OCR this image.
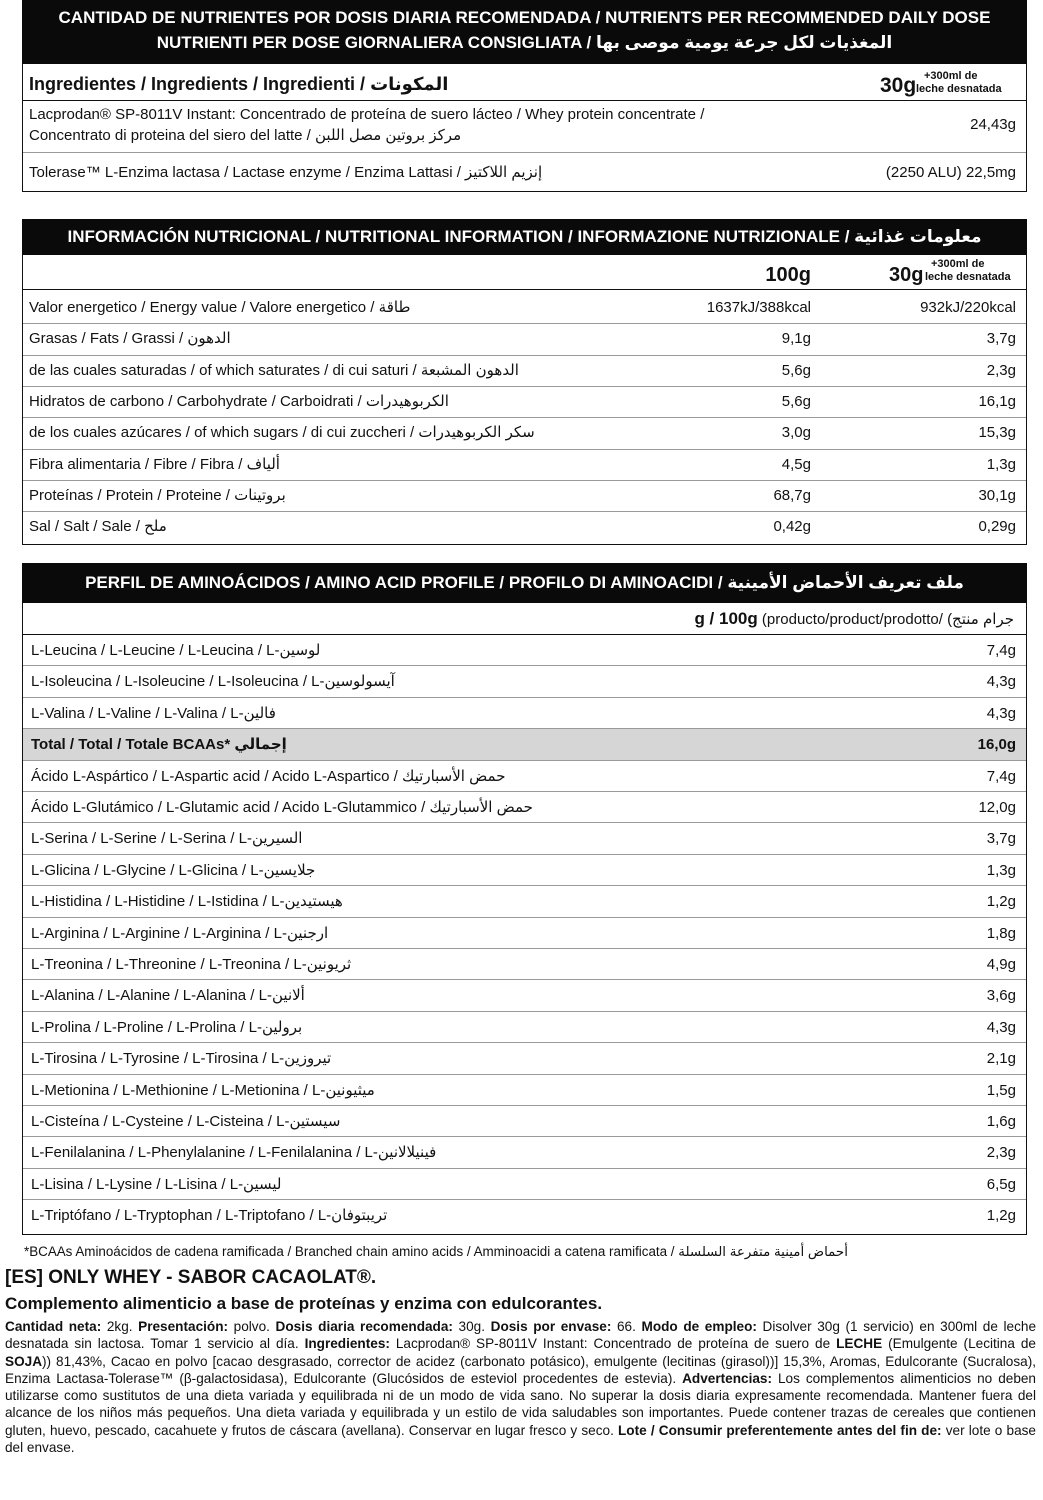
CANTIDAD DE NUTRIENTES POR DOSIS DIARIA RECOMENDADA / NUTRIENTS PER RECOMMENDED DAILY DOSE
NUTRIENTI PER DOSE GIORNALIERA CONSIGLIATA / المغذيات لكل جرعة يومية موصى بها
Ingredientes / Ingredients / Ingredienti / المكونات	30g +300ml de
leche desnatada
Lacprodan® SP-8011V Instant: Concentrado de proteína de suero lácteo / Whey protein concentrate /
Concentrato di proteina del siero del latte / مركز بروتين مصل اللبن
24,43g
Tolerase™ L-Enzima lactasa / Lactase enzyme / Enzima Lattasi / إنزيم اللاكتيز	(2250 ALU) 22,5mg
INFORMACIÓN NUTRICIONAL / NUTRITIONAL INFORMATION / INFORMAZIONE NUTRIZIONALE / معلومات غذائية
100g	30g +300ml de
leche desnatada
Valor energetico / Energy value / Valore energetico / طاقة	1637kJ/388kcal	932kJ/220kcal
Grasas / Fats / Grassi / الدهون	9,1g	3,7g
de las cuales saturadas / of which saturates / di cui saturi / الدهون المشبعة	5,6g	2,3g
Hidratos de carbono / Carbohydrate / Carboidrati / الكربوهيدرات	5,6g	16,1g
de los cuales azúcares / of which sugars / di cui zuccheri / سكر الكربوهيدرات	3,0g	15,3g
Fibra alimentaria / Fibre / Fibra / ألياف	4,5g	1,3g
Proteínas / Protein / Proteine / بروتينات	68,7g	30,1g
Sal / Salt / Sale / ملح	0,42g	0,29g
PERFIL DE AMINOÁCIDOS / AMINO ACID PROFILE / PROFILO DI AMINOACIDI / ملف تعريف الأحماض الأمينية
g / 100g (producto/product/prodotto/ جرام منتج)
L-Leucina / L-Leucine / L-Leucina / لوسين-L	7,4g
L-Isoleucina / L-Isoleucine / L-Isoleucina / آيسولوسين-L	4,3g
L-Valina / L-Valine / L-Valina / فالين-L	4,3g
Total / Total / Totale BCAAs* إجمالي	16,0g
Ácido L-Aspártico / L-Aspartic acid / Acido L-Aspartico / حمض الأسبارتيك	7,4g
Ácido L-Glutámico / L-Glutamic acid / Acido L-Glutammico / حمض الأسبارتيك	12,0g
L-Serina / L-Serine / L-Serina / السيرين-L	3,7g
L-Glicina / L-Glycine / L-Glicina / جلايسين-L	1,3g
L-Histidina / L-Histidine / L-Istidina / هيستيدين-L	1,2g
L-Arginina / L-Arginine / L-Arginina / ارجنين-L	1,8g
L-Treonina / L-Threonine / L-Treonina / ثريونين-L	4,9g
L-Alanina / L-Alanine / L-Alanina / ألانين-L	3,6g
L-Prolina / L-Proline / L-Prolina / برولين-L	4,3g
L-Tirosina / L-Tyrosine / L-Tirosina / تيروزين-L	2,1g
L-Metionina / L-Methionine / L-Metionina / ميثيونين-L	1,5g
L-Cisteína / L-Cysteine / L-Cisteina / سيستين-L	1,6g
L-Fenilalanina / L-Phenylalanine / L-Fenilalanina / فينيلالانين-L	2,3g
L-Lisina / L-Lysine / L-Lisina / ليسين-L	6,5g
L-Triptófano / L-Tryptophan / L-Triptofano / تريبتوفان-L	1,2g
*BCAAs Aminoácidos de cadena ramificada / Branched chain amino acids / Amminoacidi a catena ramificata / أحماض أمينية متفرعة السلسلة
[ES] ONLY WHEY - SABOR CACAOLAT®.
Complemento alimenticio a base de proteínas y enzima con edulcorantes.

Cantidad neta: 2kg. Presentación: polvo. Dosis diaria recomendada: 30g. Dosis por envase: 66. Modo de empleo: Disolver 30g (1 servicio) en 300ml de leche desnatada sin lactosa. Tomar 1 servicio al día. Ingredientes: Lacprodan® SP-8011V Instant: Concentrado de proteína de suero de LECHE (Emulgente (Lecitina de SOJA)) 81,43%, Cacao en polvo [cacao desgrasado, corrector de acidez (carbonato potásico), emulgente (lecitinas (girasol))] 15,3%, Aromas, Edulcorante (Sucralosa), Enzima Lactasa-Tolerase™ (β-galactosidasa), Edulcorante (Glucósidos de esteviol procedentes de estevia). Advertencias: Los complementos alimenticios no deben utilizarse como sustitutos de una dieta variada y equilibrada ni de un modo de vida sano. No superar la dosis diaria expresamente recomendada. Mantener fuera del alcance de los niños más pequeños. Una dieta variada y equilibrada y un estilo de vida saludables son importantes. Puede contener trazas de cereales que contienen gluten, huevo, pescado, cacahuete y frutos de cáscara (avellana). Conservar en lugar fresco y seco. Lote / Consumir preferentemente antes del fin de: ver lote o base del envase.
